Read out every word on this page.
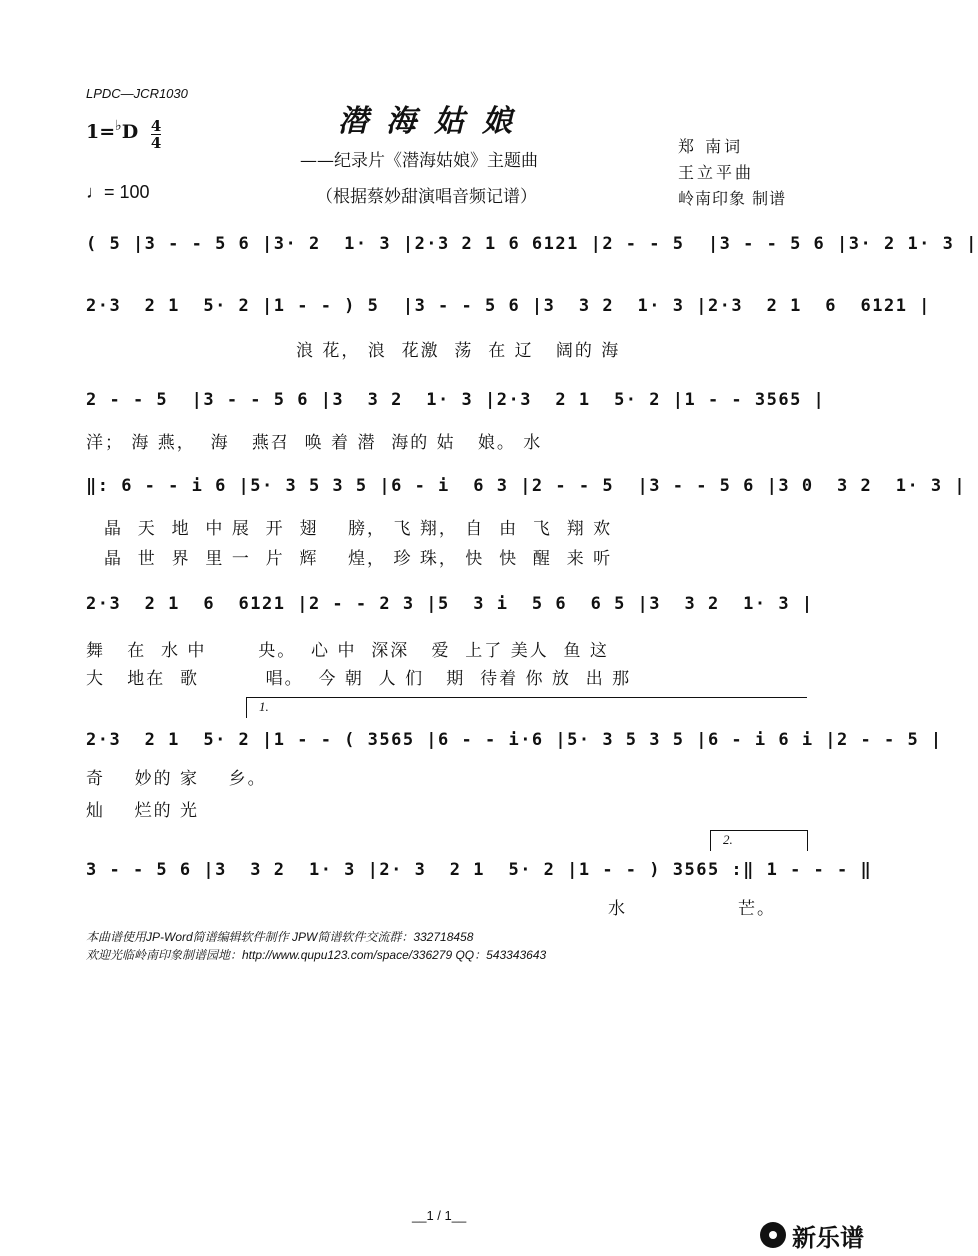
LPDC—JCR1030
$1=^♭D \frac{4}{4}$
♩= 100
潜海姑娘
——纪录片《潜海姑娘》主题曲
（根据蔡妙甜演唱音频记谱）
郑 南词
王立平曲
岭南印象 制谱
( 5 |3 - - 5 6 |3· 2  1· 3 |2·3 2 1 6 6121 |2 - - 5  |3 - - 5 6 |3· 2 1· 3 |
2·3  2 1  5· 2 |1 - - ) 5  |3 - - 5 6 |3  3 2  1· 3 |2·3  2 1  6  6121 |
浪 花， 浪  花激  荡  在 辽   阔的 海
2 - - 5  |3 - - 5 6 |3  3 2  1· 3 |2·3  2 1  5· 2 |1 - - 3565 |
洋； 海 燕，  海   燕召  唤 着 潜  海的 姑   娘。 水
‖: 6 - - i 6 |5· 3 5 3 5 |6 - i  6 3 |2 - - 5  |3 - - 5 6 |3 0  3 2  1· 3 |
晶  天  地  中 展  开  翅    膀， 飞 翔， 自  由  飞  翔 欢
晶  世  界  里 一  片  辉    煌， 珍 珠， 快  快  醒  来 听
2·3  2 1  6  6121 |2 - - 2 3 |5  3 i  5 6  6 5 |3  3 2  1· 3 |
舞   在  水 中       央。  心 中  深深   爱  上了 美人  鱼 这
大   地在  歌         唱。  今 朝  人 们   期  待着 你 放  出 那
1.
2·3  2 1  5· 2 |1 - - ( 3565 |6 - - i·6 |5· 3 5 3 5 |6 - i 6 i |2 - - 5 |
奇    妙的 家    乡。
灿    烂的 光
2.
3 - - 5 6 |3  3 2  1· 3 |2· 3  2 1  5· 2 |1 - - ) 3565 :‖ 1 - - - ‖
水               芒。
本曲谱使用JP-Word简谱编辑软件制作 JPW简谱软件交流群：332718458
欢迎光临岭南印象制谱园地：http://www.qupu123.com/space/336279 QQ：543343643
__1 / 1__
新乐谱
